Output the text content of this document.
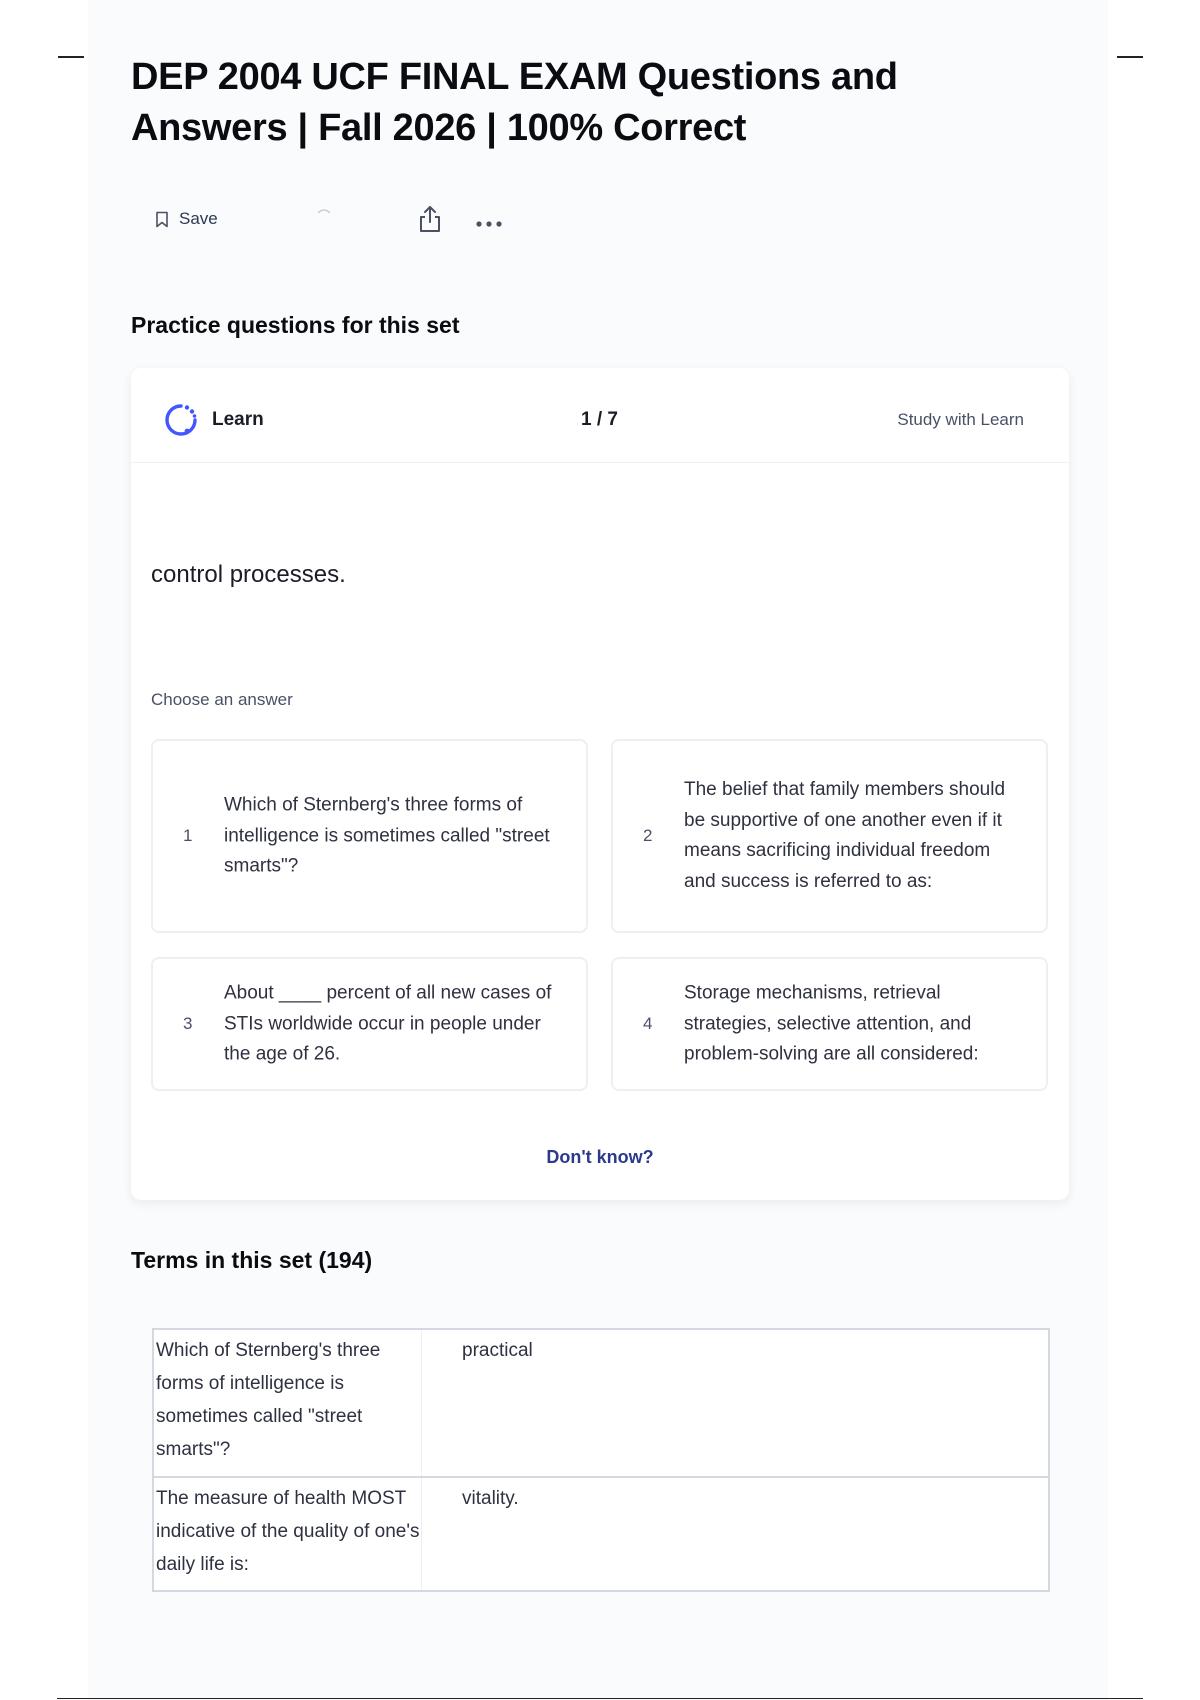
DEP 2004 UCF FINAL EXAM Questions and Answers | Fall 2026 | 100% Correct
Save
Practice questions for this set
Learn	1 / 7	Study with Learn
control processes.
Choose an answer
1
Which of Sternberg's three forms of intelligence is sometimes called "street smarts"?
2
The belief that family members should be supportive of one another even if it means sacrificing individual freedom and success is referred to as:
3
About ____ percent of all new cases of STIs worldwide occur in people under the age of 26.
4
Storage mechanisms, retrieval strategies, selective attention, and problem-solving are all considered:
Don't know?
Terms in this set (194)
Which of Sternberg's three forms of intelligence is sometimes called "street smarts"?
practical
The measure of health MOST indicative of the quality of one's daily life is:
vitality.
